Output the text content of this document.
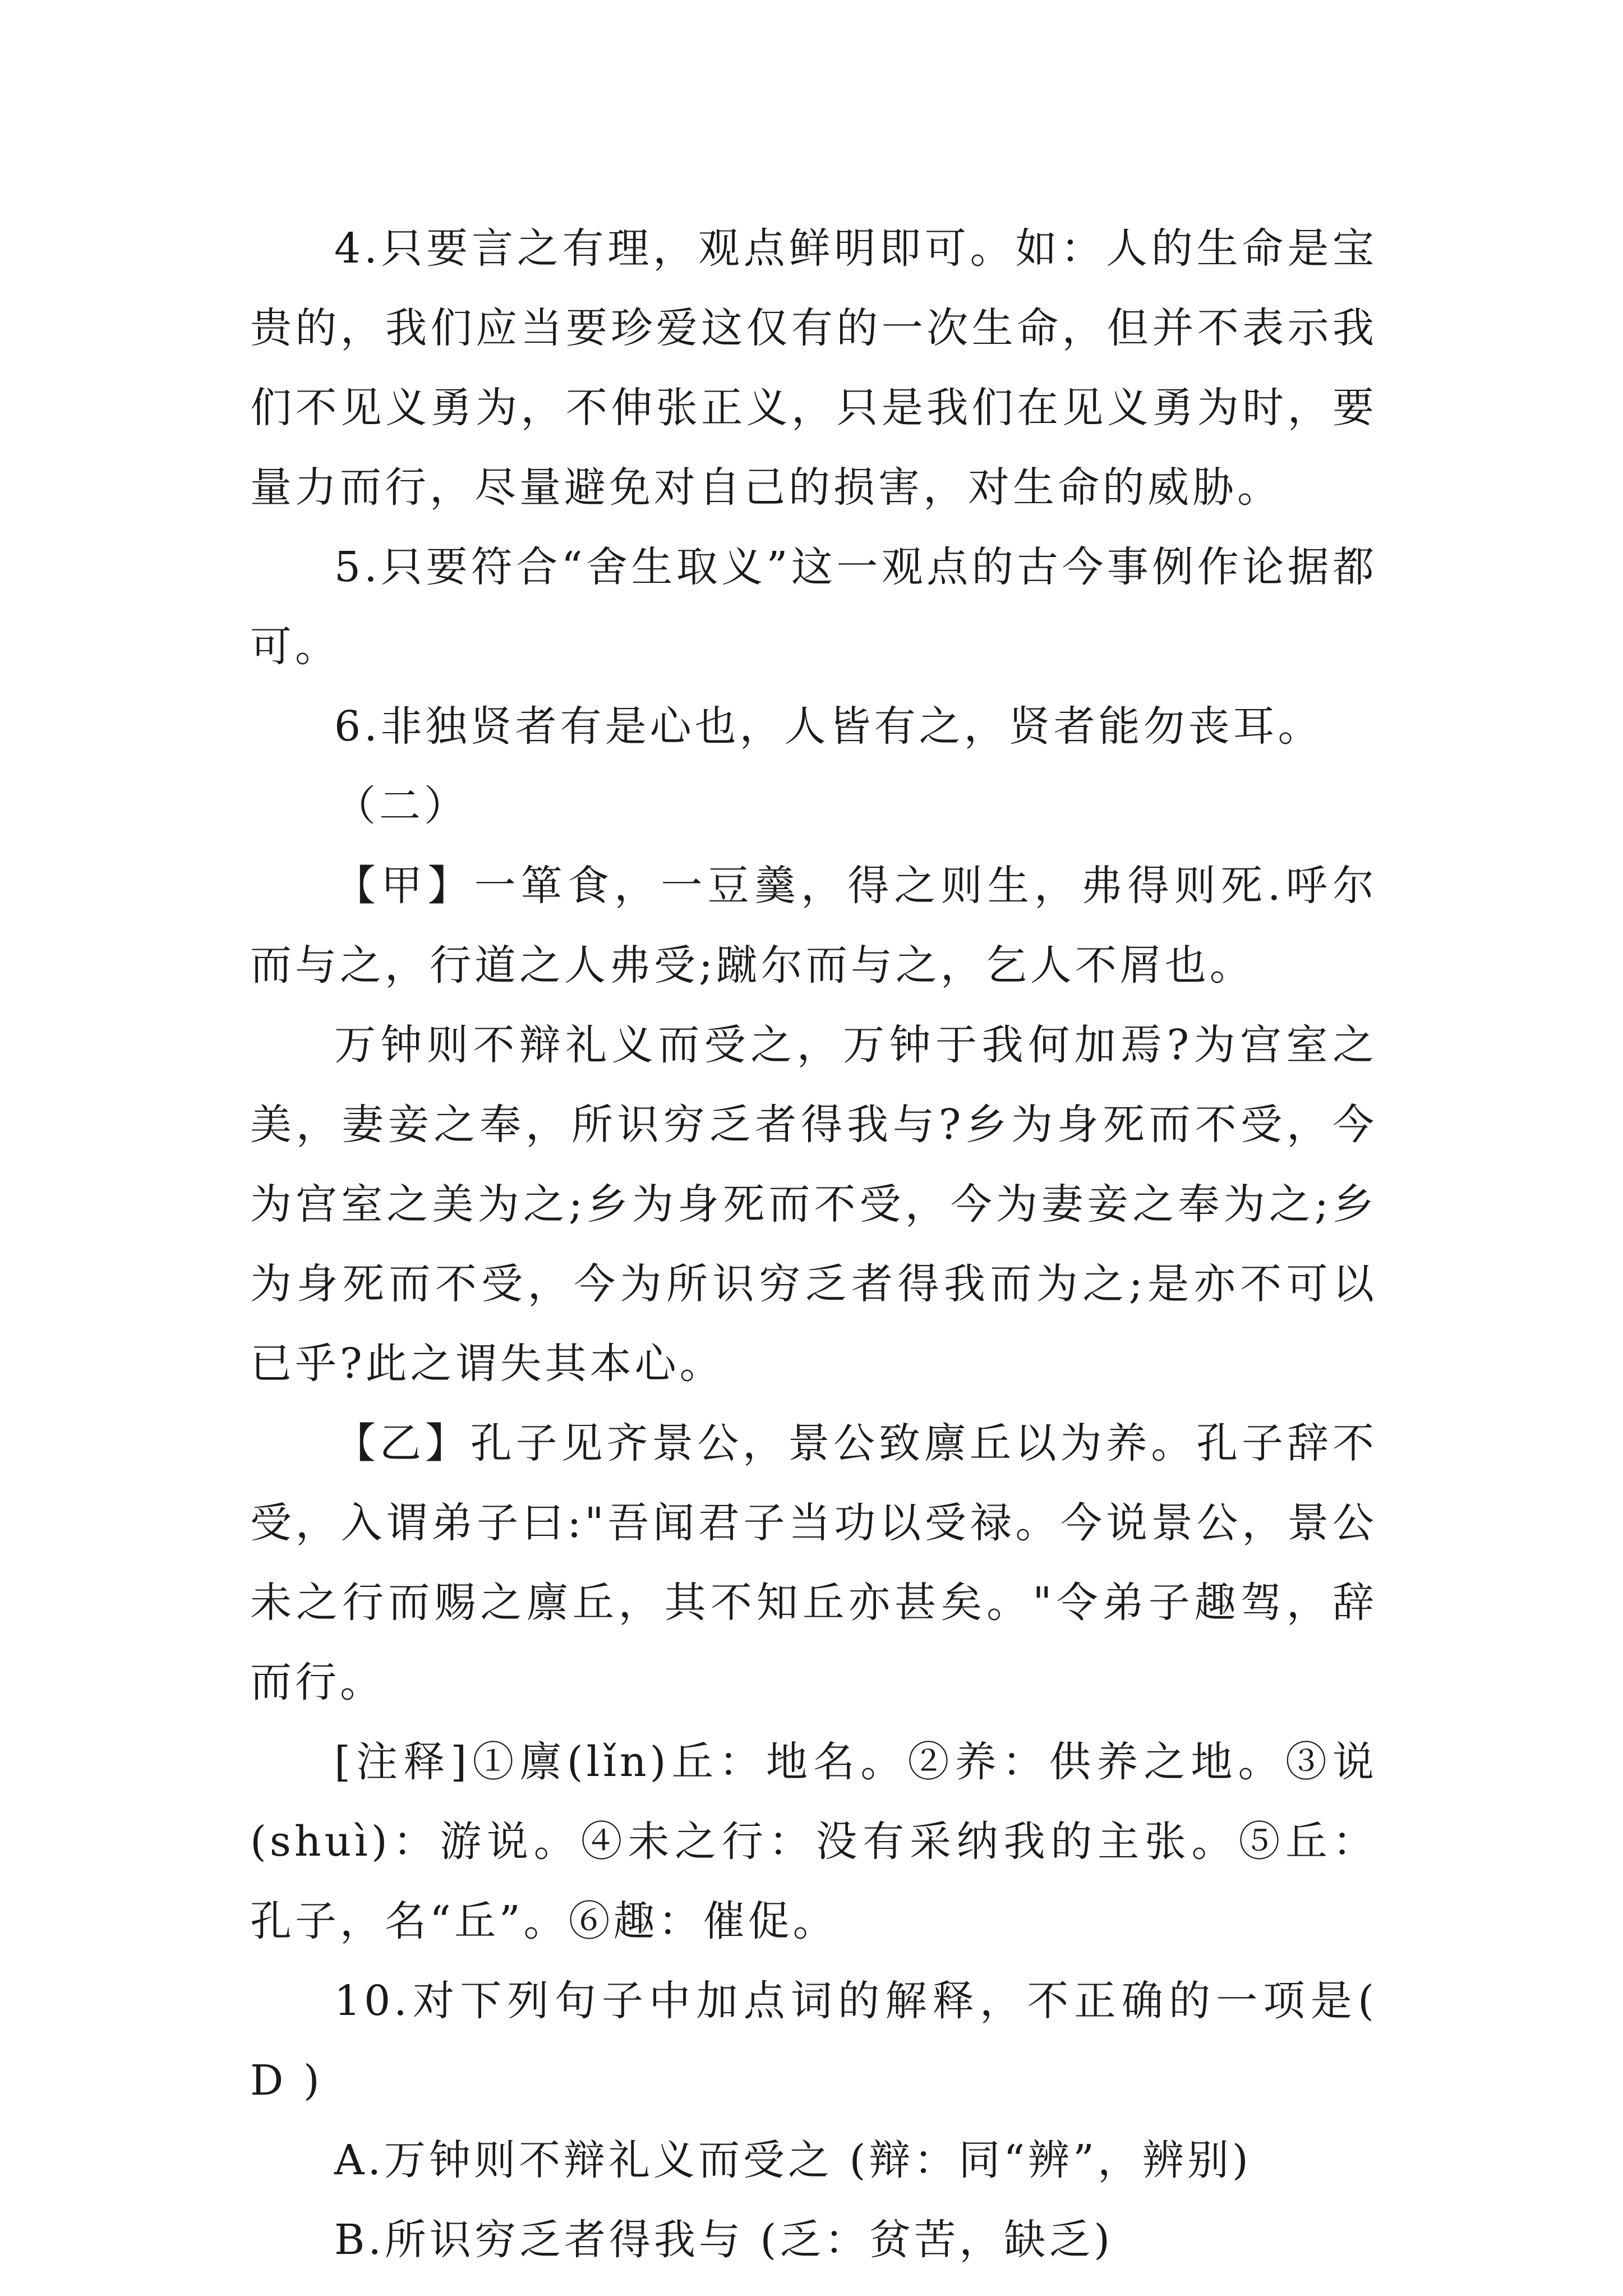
4.只要言之有理，观点鲜明即可。如：人的生命是宝贵的，我们应当要珍爱这仅有的一次生命，但并不表示我们不见义勇为，不伸张正义，只是我们在见义勇为时，要量力而行，尽量避免对自己的损害，对生命的威胁。

5.只要符合“舍生取义”这一观点的古今事例作论据都可。

6.非独贤者有是心也，人皆有之，贤者能勿丧耳。

（二）

【甲】一箪食，一豆羹，得之则生，弗得则死.呼尔而与之，行道之人弗受;蹴尔而与之，乞人不屑也。

万钟则不辩礼义而受之，万钟于我何加焉?为宫室之美，妻妾之奉，所识穷乏者得我与?乡为身死而不受，今为宫室之美为之;乡为身死而不受，今为妻妾之奉为之;乡为身死而不受，今为所识穷乏者得我而为之;是亦不可以已乎?此之谓失其本心。

【乙】孔子见齐景公，景公致廪丘以为养。孔子辞不受，入谓弟子曰:"吾闻君子当功以受禄。今说景公，景公未之行而赐之廪丘，其不知丘亦甚矣。"令弟子趣驾，辞而行。

[注释]①廪(lǐn)丘：地名。②养：供养之地。③说(shuì)：游说。④未之行：没有采纳我的主张。⑤丘：孔子，名“丘”。⑥趣：催促。

10.对下列句子中加点词的解释，不正确的一项是( D )

A.万钟则不辩礼义而受之 (辩：同“辨”，辨别)

B.所识穷乏者得我与 (乏：贫苦，缺乏)
